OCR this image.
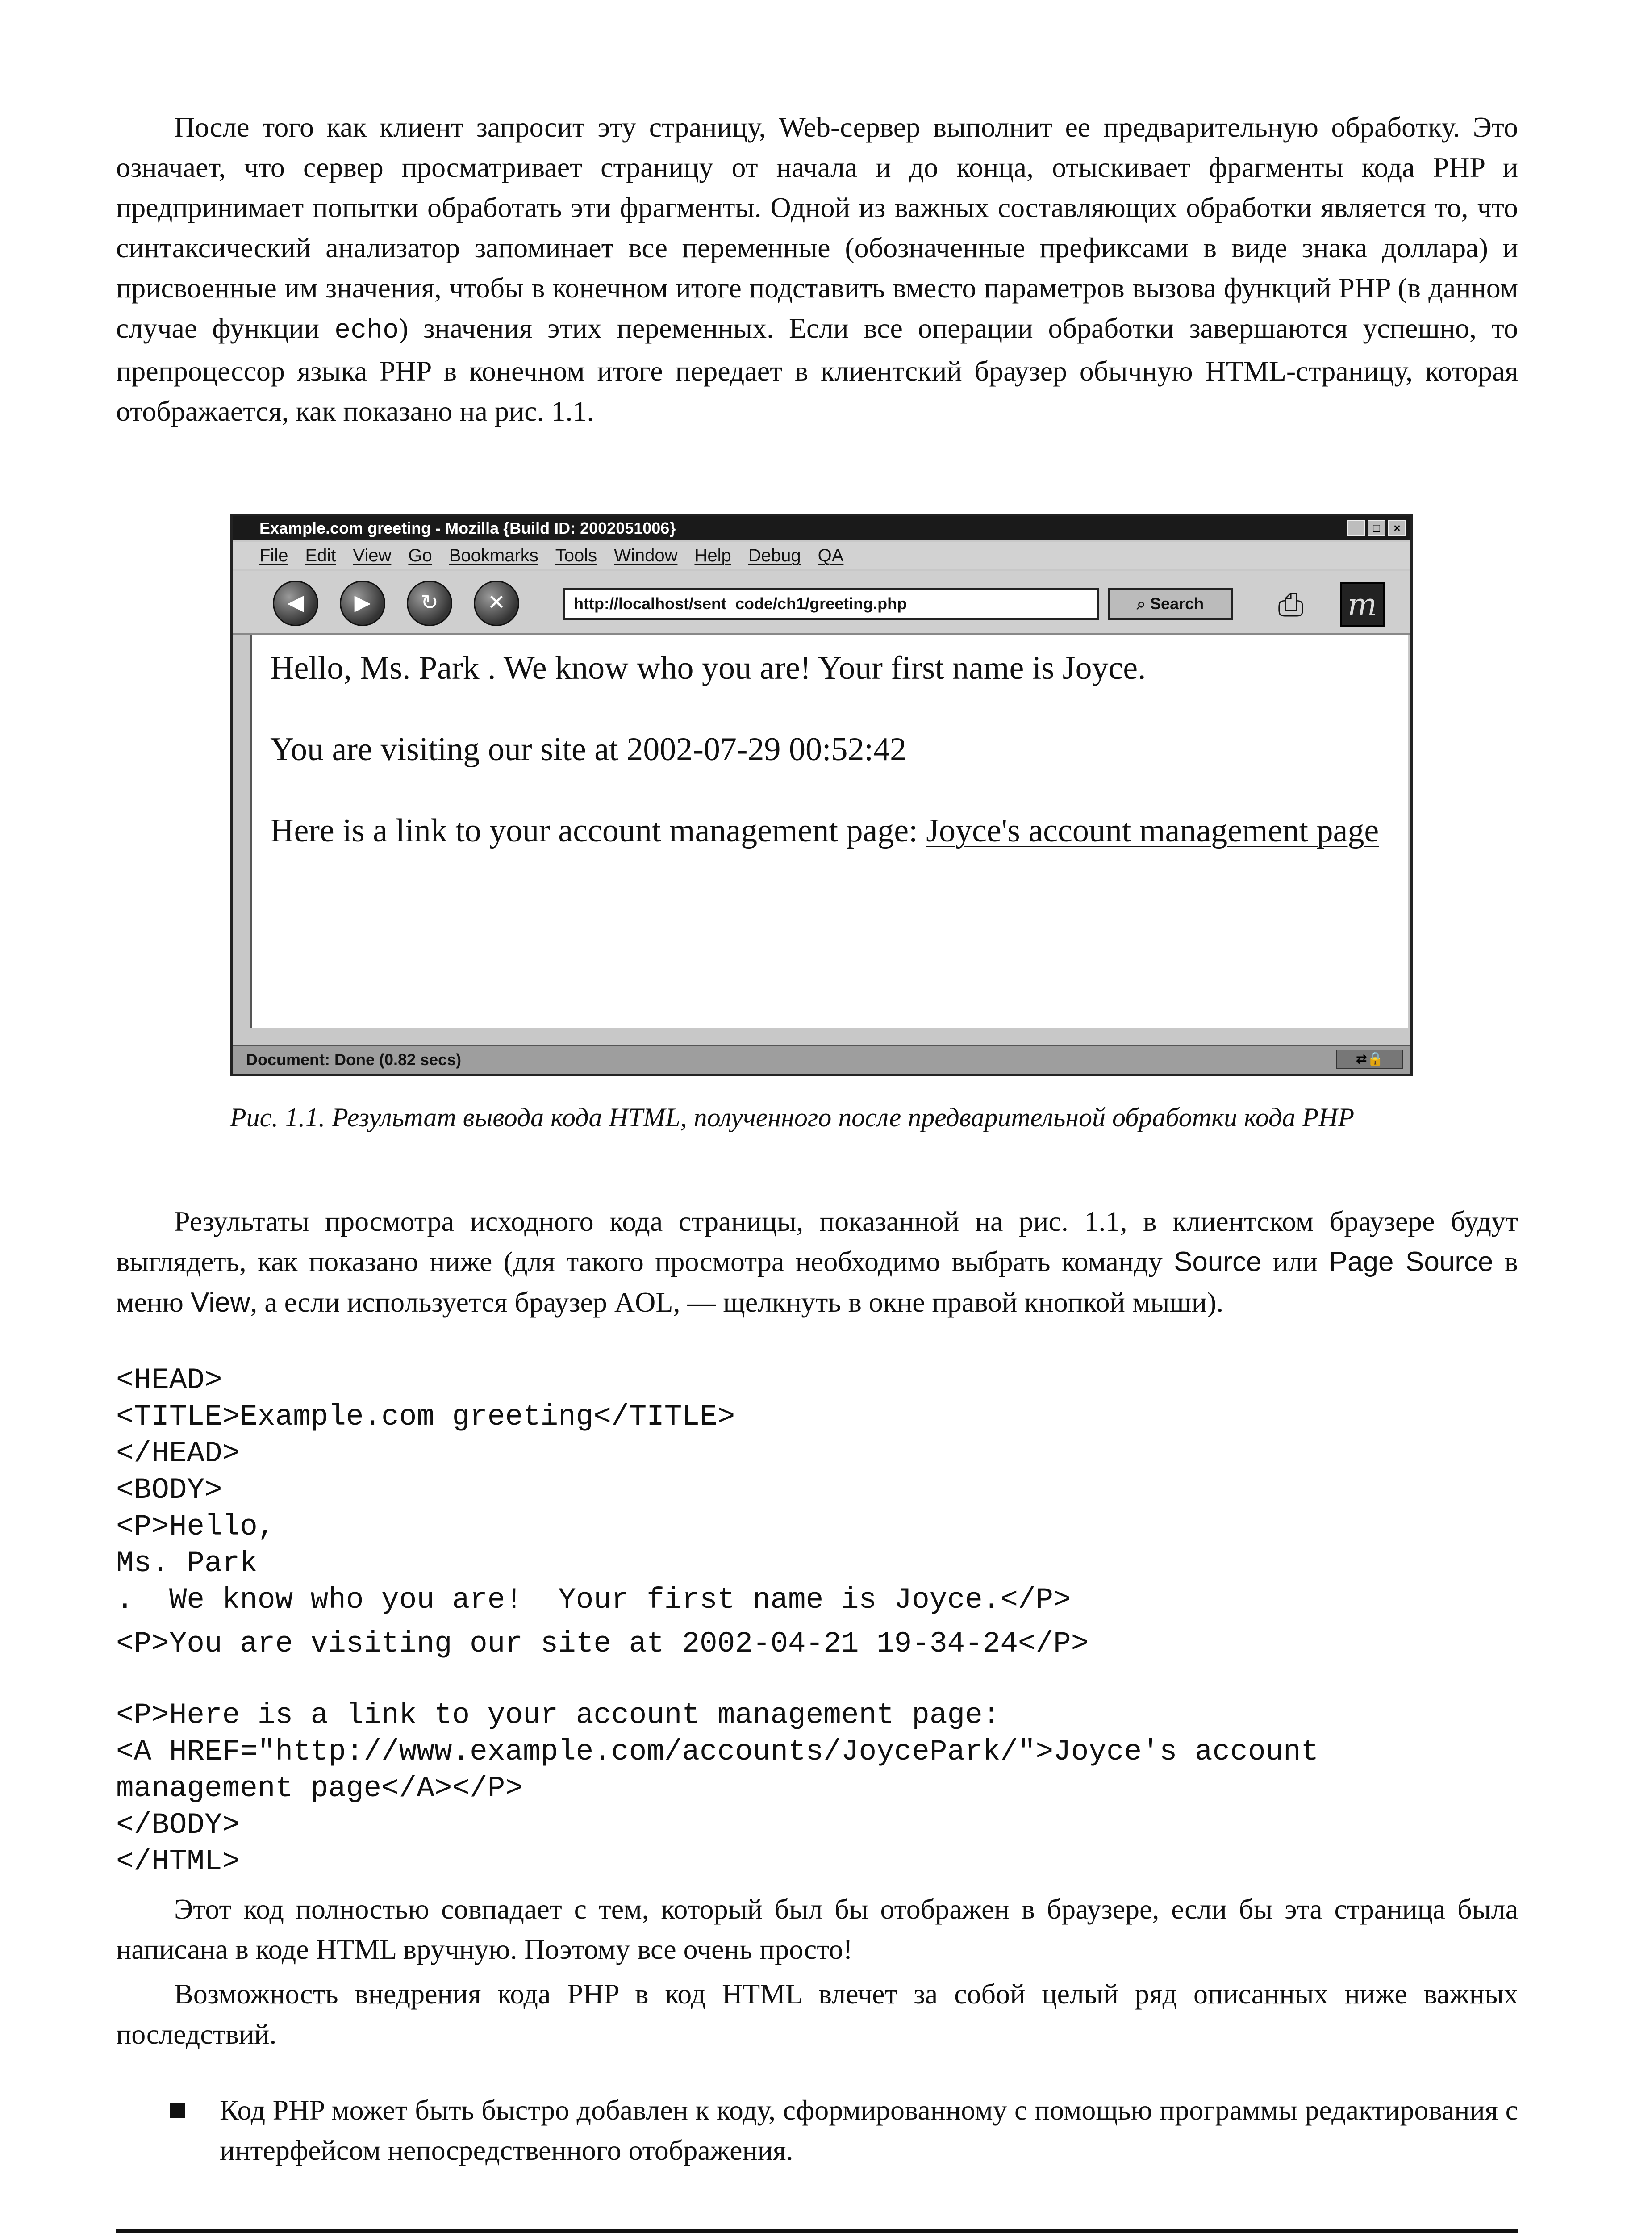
После того как клиент запросит эту страницу, Web-сервер выполнит ее предварительную обработку. Это означает, что сервер просматривает страницу от начала и до конца, отыскивает фрагменты кода PHP и предпринимает попытки обработать эти фрагменты. Одной из важных составляющих обработки является то, что синтаксический анализатор запоминает все переменные (обозначенные префиксами в виде знака доллара) и присвоенные им значения, чтобы в конечном итоге подставить вместо параметров вызова функций PHP (в данном случае функции echo) значения этих переменных. Если все операции обработки завершаются успешно, то препроцессор языка PHP в конечном итоге передает в клиентский браузер обычную HTML-страницу, которая отображается, как показано на рис. 1.1.

Example.com greeting - Mozilla {Build ID: 2002051006}	_	□	×
File Edit View Go Bookmarks Tools Window Help Debug QA
◀	▶	↻	✕	http://localhost/sent_code/ch1/greeting.php	⌕ Search	⎙	m

Hello, Ms. Park . We know who you are! Your first name is Joyce.

You are visiting our site at 2002-07-29 00:52:42

Here is a link to your account management page: Joyce's account management page

Document: Done (0.82 secs)	⇄🔒
Рис. 1.1. Результат вывода кода HTML, полученного после предварительной обработки кода PHP

Результаты просмотра исходного кода страницы, показанной на рис. 1.1, в клиентском браузере будут выглядеть, как показано ниже (для такого просмотра необходимо выбрать команду Source или Page Source в меню View, а если используется браузер AOL, — щелкнуть в окне правой кнопкой мыши).

<HEAD>
<TITLE>Example.com greeting</TITLE>
</HEAD>
<BODY>
<P>Hello,
Ms. Park
.  We know who you are!  Your first name is Joyce.</P>
<P>You are visiting our site at 2002-04-21 19-34-24</P>
<P>Here is a link to your account management page:
<A HREF="http://www.example.com/accounts/JoycePark/">Joyce's account
management page</A></P>
</BODY>
</HTML>

Этот код полностью совпадает с тем, который был бы отображен в браузере, если бы эта страница была написана в коде HTML вручную. Поэтому все очень просто!

Возможность внедрения кода PHP в код HTML влечет за собой целый ряд описанных ниже важных последствий.

Код PHP может быть быстро добавлен к коду, сформированному с помощью программы редактирования с интерфейсом непосредственного отображения.
